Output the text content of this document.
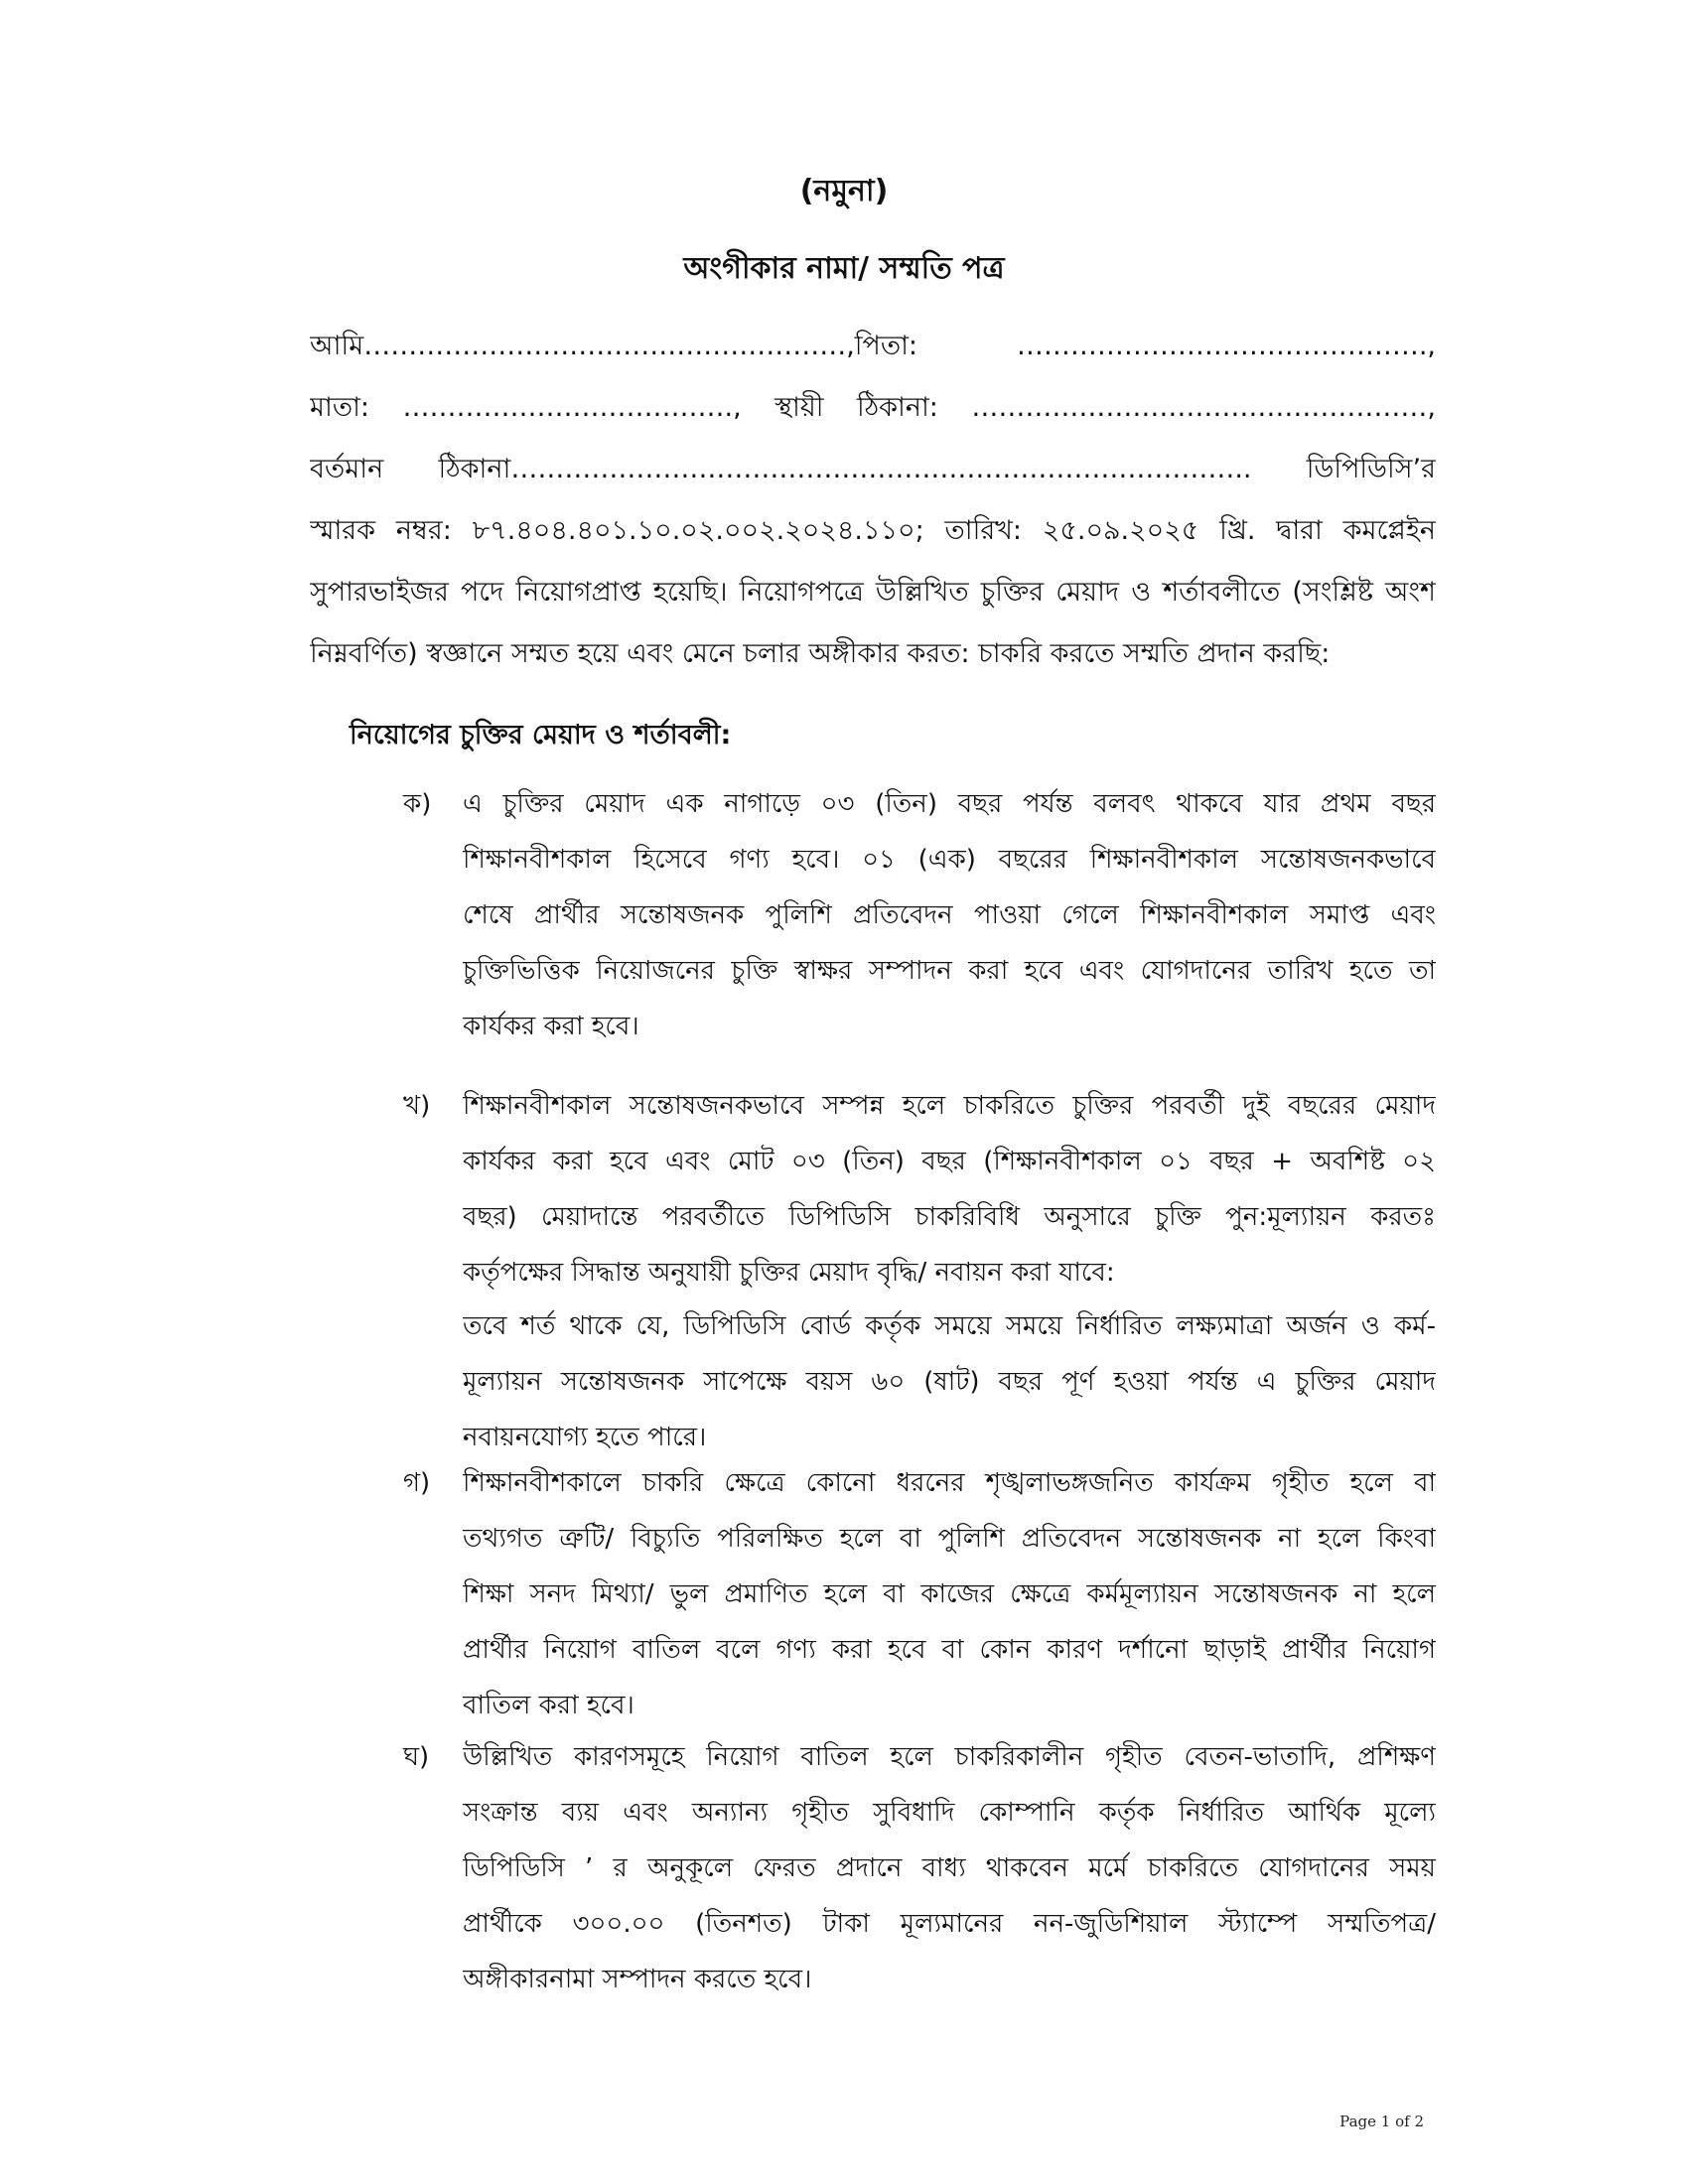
(নমুনা)
অংগীকার নামা/ সম্মতি পত্র
আমি………………………………………………,পিতা: ……………………………………….,
মাতা: ………………………………., স্থায়ী ঠিকানা: ……………………………………………,
বর্তমান ঠিকানা……………………………………………………………………….. ডিপিডিসি’র
স্মারক নম্বর: ৮৭.৪০৪.৪০১.১০.০২.০০২.২০২৪.১১০; তারিখ: ২৫.০৯.২০২৫ খ্রি. দ্বারা কমপ্লেইন
সুপারভাইজর পদে নিয়োগপ্রাপ্ত হয়েছি। নিয়োগপত্রে উল্লিখিত চুক্তির মেয়াদ ও শর্তাবলীতে (সংশ্লিষ্ট অংশ
নিম্নবর্ণিত) স্বজ্ঞানে সম্মত হয়ে এবং মেনে চলার অঙ্গীকার করত: চাকরি করতে সম্মতি প্রদান করছি:
নিয়োগের চুক্তির মেয়াদ ও শর্তাবলী:
ক) এ চুক্তির মেয়াদ এক নাগাড়ে ০৩ (তিন) বছর পর্যন্ত বলবৎ থাকবে যার প্রথম বছর
শিক্ষানবীশকাল হিসেবে গণ্য হবে। ০১ (এক) বছরের শিক্ষানবীশকাল সন্তোষজনকভাবে
শেষে প্রার্থীর সন্তোষজনক পুলিশি প্রতিবেদন পাওয়া গেলে শিক্ষানবীশকাল সমাপ্ত এবং
চুক্তিভিত্তিক নিয়োজনের চুক্তি স্বাক্ষর সম্পাদন করা হবে এবং যোগদানের তারিখ হতে তা
কার্যকর করা হবে।
খ) শিক্ষানবীশকাল সন্তোষজনকভাবে সম্পন্ন হলে চাকরিতে চুক্তির পরবর্তী দুই বছরের মেয়াদ
কার্যকর করা হবে এবং মোট ০৩ (তিন) বছর (শিক্ষানবীশকাল ০১ বছর + অবশিষ্ট ০২
বছর) মেয়াদান্তে পরবর্তীতে ডিপিডিসি চাকরিবিধি অনুসারে চুক্তি পুন:মূল্যায়ন করতঃ
কর্তৃপক্ষের সিদ্ধান্ত অনুযায়ী চুক্তির মেয়াদ বৃদ্ধি/ নবায়ন করা যাবে:
তবে শর্ত থাকে যে, ডিপিডিসি বোর্ড কর্তৃক সময়ে সময়ে নির্ধারিত লক্ষ্যমাত্রা অর্জন ও কর্ম-
মূল্যায়ন সন্তোষজনক সাপেক্ষে বয়স ৬০ (ষাট) বছর পূর্ণ হওয়া পর্যন্ত এ চুক্তির মেয়াদ
নবায়নযোগ্য হতে পারে।
গ) শিক্ষানবীশকালে চাকরি ক্ষেত্রে কোনো ধরনের শৃঙ্খলাভঙ্গজনিত কার্যক্রম গৃহীত হলে বা
তথ্যগত ত্রুটি/ বিচ্যুতি পরিলক্ষিত হলে বা পুলিশি প্রতিবেদন সন্তোষজনক না হলে কিংবা
শিক্ষা সনদ মিথ্যা/ ভুল প্রমাণিত হলে বা কাজের ক্ষেত্রে কর্মমূল্যায়ন সন্তোষজনক না হলে
প্রার্থীর নিয়োগ বাতিল বলে গণ্য করা হবে বা কোন কারণ দর্শানো ছাড়াই প্রার্থীর নিয়োগ
বাতিল করা হবে।
ঘ) উল্লিখিত কারণসমূহে নিয়োগ বাতিল হলে চাকরিকালীন গৃহীত বেতন-ভাতাদি, প্রশিক্ষণ
সংক্রান্ত ব্যয় এবং অন্যান্য গৃহীত সুবিধাদি কোম্পানি কর্তৃক নির্ধারিত আর্থিক মূল্যে
ডিপিডিসি ’ র অনুকূলে ফেরত প্রদানে বাধ্য থাকবেন মর্মে চাকরিতে যোগদানের সময়
প্রার্থীকে ৩০০.০০ (তিনশত) টাকা মূল্যমানের নন-জুডিশিয়াল স্ট্যাম্পে সম্মতিপত্র/
অঙ্গীকারনামা সম্পাদন করতে হবে।
Page 1 of 2
